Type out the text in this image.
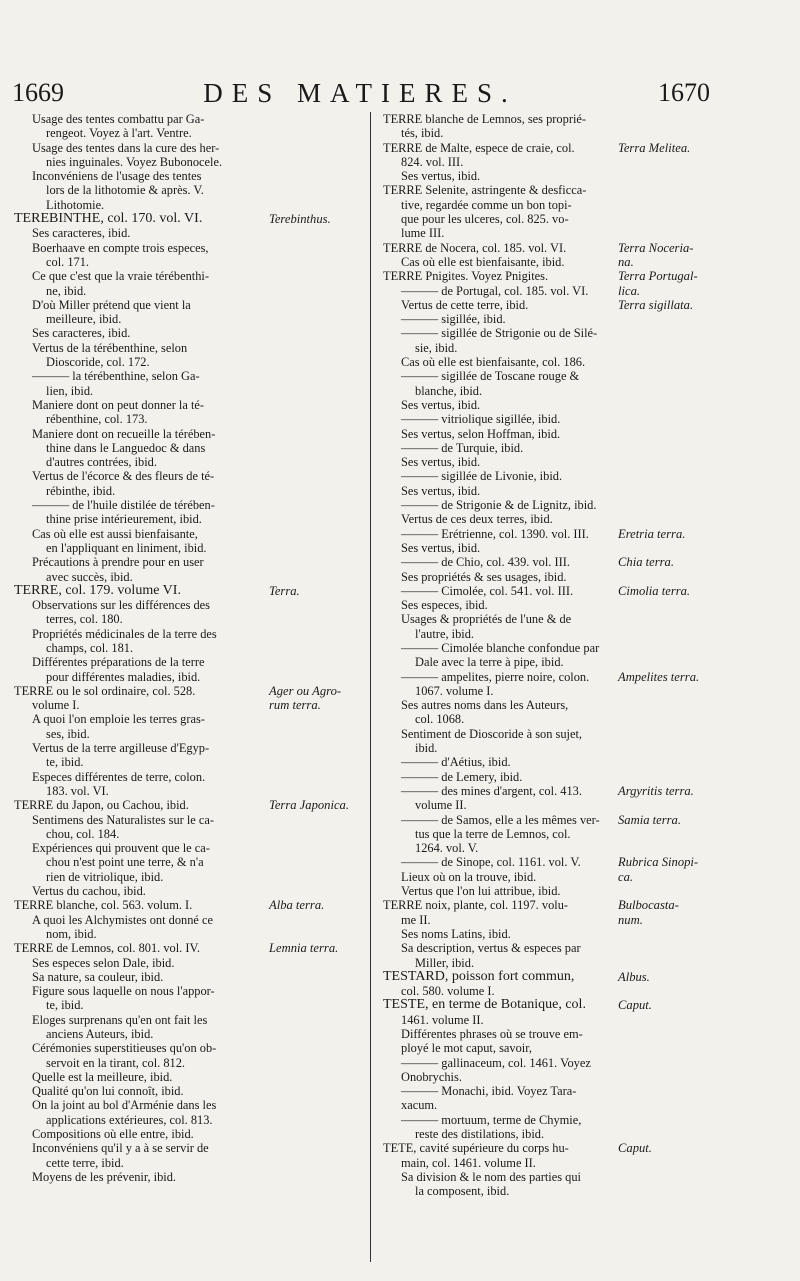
1669	DES MATIERES.	1670
Usage des tentes combattu par Ga-
rengeot. Voyez à l'art. Ventre.
Usage des tentes dans la cure des her-
nies inguinales. Voyez Bubonocele.
Inconvéniens de l'usage des tentes
lors de la lithotomie & après. V.
Lithotomie.
TEREBINTHE, col. 170. vol. VI.
Ses caracteres, ibid.
Boerhaave en compte trois especes,
col. 171.
Ce que c'est que la vraie térébenthi-
ne, ibid.
D'où Miller prétend que vient la
meilleure, ibid.
Ses caracteres, ibid.
Vertus de la térébenthine, selon
Dioscoride, col. 172.
——— la térébenthine, selon Ga-
lien, ibid.
Maniere dont on peut donner la té-
rébenthine, col. 173.
Maniere dont on recueille la térében-
thine dans le Languedoc & dans
d'autres contrées, ibid.
Vertus de l'écorce & des fleurs de té-
rébinthe, ibid.
——— de l'huile distilée de térében-
thine prise intérieurement, ibid.
Cas où elle est aussi bienfaisante,
en l'appliquant en liniment, ibid.
Précautions à prendre pour en user
avec succès, ibid.
Terebinthus.
TERRE, col. 179. volume VI.
Observations sur les différences des
terres, col. 180.
Propriétés médicinales de la terre des
champs, col. 181.
Différentes préparations de la terre
pour différentes maladies, ibid.
Terra.
TERRE ou le sol ordinaire, col. 528.
volume I.
A quoi l'on emploie les terres gras-
ses, ibid.
Vertus de la terre argilleuse d'Egyp-
te, ibid.
Especes différentes de terre, colon.
183. vol. VI.
Ager ou Agro-
rum terra.
TERRE du Japon, ou Cachou, ibid.
Sentimens des Naturalistes sur le ca-
chou, col. 184.
Expériences qui prouvent que le ca-
chou n'est point une terre, & n'a
rien de vitriolique, ibid.
Vertus du cachou, ibid.
Terra Japonica.
TERRE blanche, col. 563. volum. I.
A quoi les Alchymistes ont donné ce
nom, ibid.
Alba terra.
TERRE de Lemnos, col. 801. vol. IV.
Ses especes selon Dale, ibid.
Sa nature, sa couleur, ibid.
Figure sous laquelle on nous l'appor-
te, ibid.
Eloges surprenans qu'en ont fait les
anciens Auteurs, ibid.
Cérémonies superstitieuses qu'on ob-
servoit en la tirant, col. 812.
Quelle est la meilleure, ibid.
Qualité qu'on lui connoît, ibid.
On la joint au bol d'Arménie dans les
applications extérieures, col. 813.
Compositions où elle entre, ibid.
Inconvéniens qu'il y a à se servir de
cette terre, ibid.
Moyens de les prévenir, ibid.
Lemnia terra.
TERRE blanche de Lemnos, ses proprié-
tés, ibid.
TERRE de Malte, espece de craie, col.
824. vol. III.
Ses vertus, ibid.
Terra Melitea.
TERRE Selenite, astringente & desficca-
tive, regardée comme un bon topi-
que pour les ulceres, col. 825. vo-
lume III.
TERRE de Nocera, col. 185. vol. VI.
Cas où elle est bienfaisante, ibid.
Terra Noceria-
na.
TERRE Pnigites. Voyez Pnigites.
——— de Portugal, col. 185. vol. VI.
Vertus de cette terre, ibid.
——— sigillée, ibid.
——— sigillée de Strigonie ou de Silé-
sie, ibid.
Cas où elle est bienfaisante, col. 186.
——— sigillée de Toscane rouge &
blanche, ibid.
Ses vertus, ibid.
——— vitriolique sigillée, ibid.
Ses vertus, selon Hoffman, ibid.
——— de Turquie, ibid.
Ses vertus, ibid.
——— sigillée de Livonie, ibid.
Ses vertus, ibid.
——— de Strigonie & de Lignitz, ibid.
Vertus de ces deux terres, ibid.
Terra Portugal-
lica.
Terra sigillata.
——— Erétrienne, col. 1390. vol. III.
Ses vertus, ibid.
Eretria terra.
——— de Chio, col. 439. vol. III.
Ses propriétés & ses usages, ibid.
Chia terra.
——— Cimolée, col. 541. vol. III.
Ses especes, ibid.
Usages & propriétés de l'une & de
l'autre, ibid.
——— Cimolée blanche confondue par
Dale avec la terre à pipe, ibid.
Cimolia terra.
——— ampelites, pierre noire, colon.
1067. volume I.
Ses autres noms dans les Auteurs,
col. 1068.
Sentiment de Dioscoride à son sujet,
ibid.
——— d'Aétius, ibid.
——— de Lemery, ibid.
Ampelites terra.
——— des mines d'argent, col. 413.
volume II.
Argyritis terra.
——— de Samos, elle a les mêmes ver-
tus que la terre de Lemnos, col.
1264. vol. V.
Samia terra.
——— de Sinope, col. 1161. vol. V.
Lieux où on la trouve, ibid.
Vertus que l'on lui attribue, ibid.
Rubrica Sinopi-
ca.
TERRE noix, plante, col. 1197. volu-
me II.
Ses noms Latins, ibid.
Sa description, vertus & especes par
Miller, ibid.
Bulbocasta-
num.
TESTARD, poisson fort commun,
col. 580. volume I.
Albus.
TESTE, en terme de Botanique, col.
1461. volume II.
Différentes phrases où se trouve em-
ployé le mot caput, savoir,
——— gallinaceum, col. 1461. Voyez
Onobrychis.
——— Monachi, ibid. Voyez Tara-
xacum.
——— mortuum, terme de Chymie,
reste des distilations, ibid.
Caput.
TETE, cavité supérieure du corps hu-
main, col. 1461. volume II.
Sa division & le nom des parties qui
la composent, ibid.
Caput.
